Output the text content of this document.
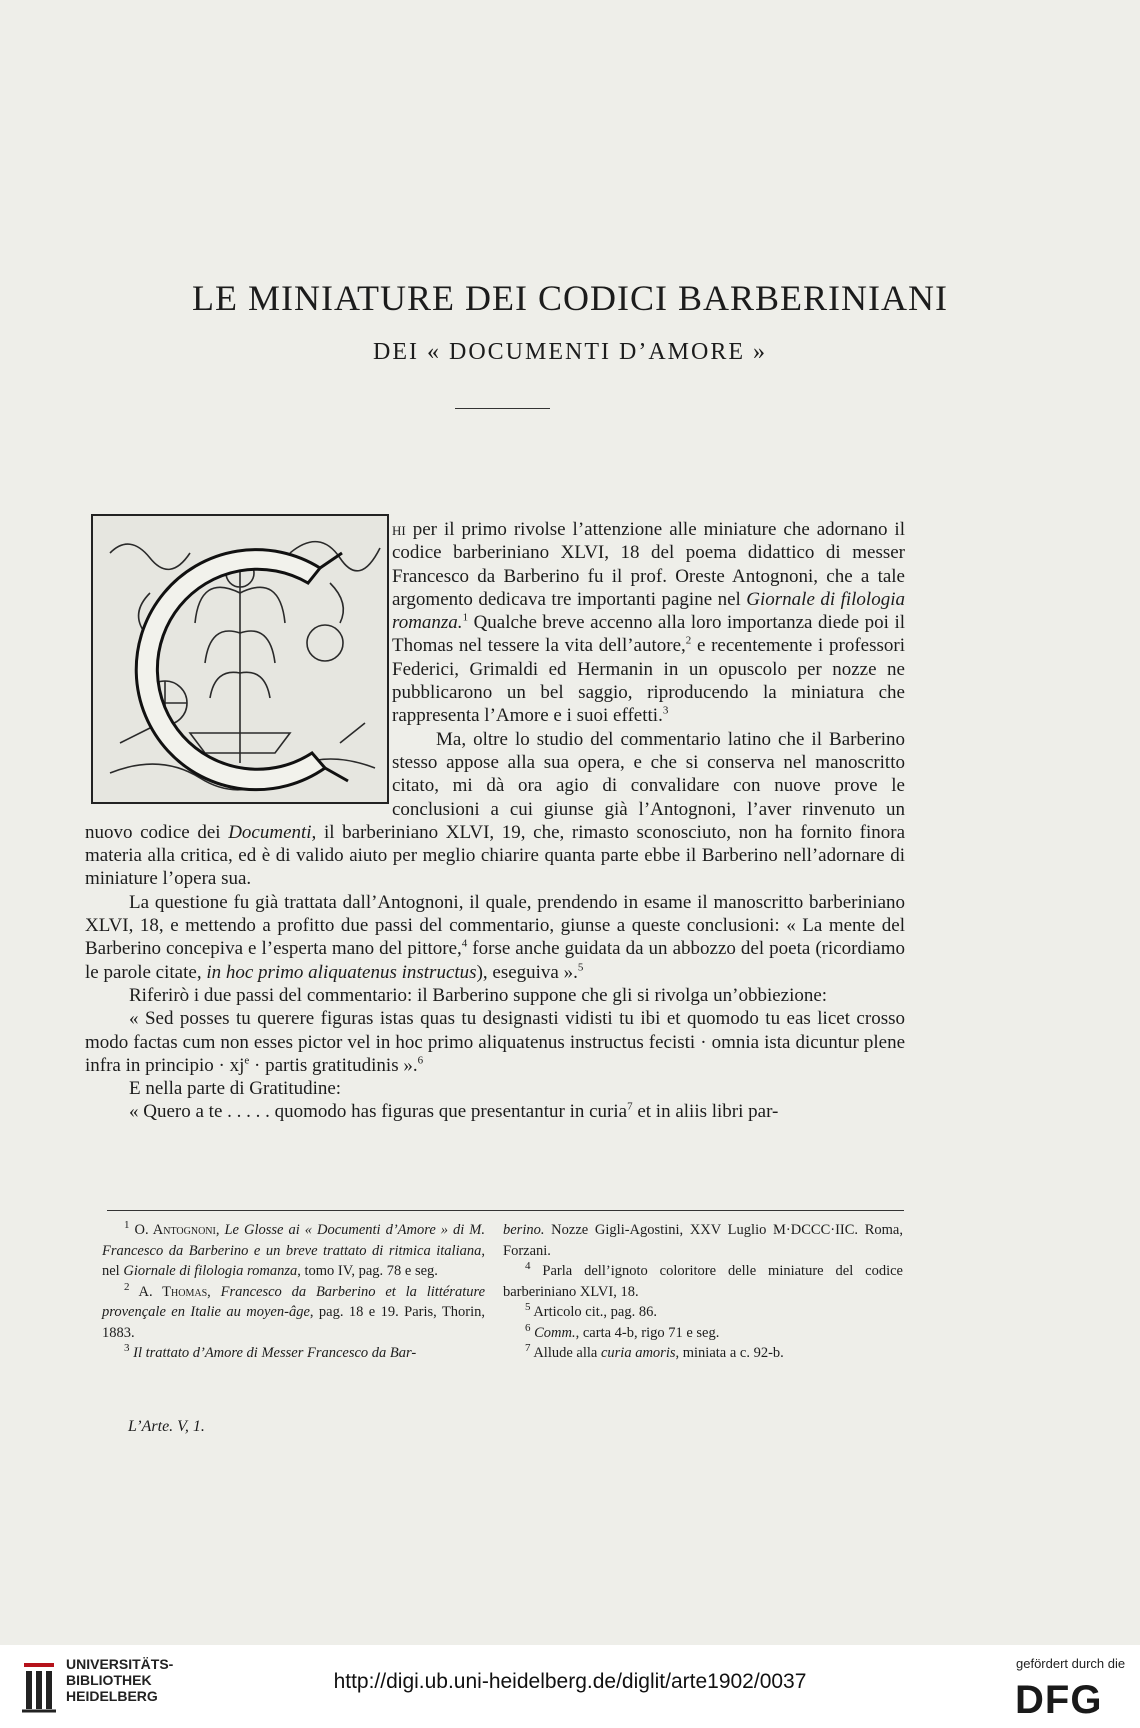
LE MINIATURE DEI CODICI BARBERINIANI
DEI « DOCUMENTI D’AMORE »

hi per il primo rivolse l’attenzione alle miniature che adornano il codice barberiniano XLVI, 18 del poema didattico di messer Francesco da Barberino fu il prof. Oreste Antognoni, che a tale argomento dedicava tre importanti pagine nel Giornale di filologia romanza.$^1$ Qualche breve accenno alla loro importanza diede poi il Thomas nel tessere la vita dell’autore,$^2$ e recentemente i professori Federici, Grimaldi ed Hermanin in un opuscolo per nozze ne pubblicarono un bel saggio, riproducendo la miniatura che rappresenta l’Amore e i suoi effetti.$^3$

Ma, oltre lo studio del commentario latino che il Barberino stesso appose alla sua opera, e che si conserva nel manoscritto citato, mi dà ora agio di convalidare con nuove prove le conclusioni a cui giunse già l’Antognoni, l’aver rinvenuto un nuovo codice dei Documenti, il barberiniano XLVI, 19, che, rimasto sconosciuto, non ha fornito finora materia alla critica, ed è di valido aiuto per meglio chiarire quanta parte ebbe il Barberino nell’adornare di miniature l’opera sua.

La questione fu già trattata dall’Antognoni, il quale, prendendo in esame il manoscritto barberiniano XLVI, 18, e mettendo a profitto due passi del commentario, giunse a queste conclusioni: « La mente del Barberino concepiva e l’esperta mano del pittore,$^4$ forse anche guidata da un abbozzo del poeta (ricordiamo le parole citate, in hoc primo aliquatenus instructus), eseguiva ».$^5$

Riferirò i due passi del commentario: il Barberino suppone che gli si rivolga un’obbiezione:

« Sed posses tu querere figuras istas quas tu designasti vidisti tu ibi et quomodo tu eas licet crosso modo factas cum non esses pictor vel in hoc primo aliquatenus instructus fecisti · omnia ista dicuntur plene infra in principio · $xj^e$ · partis gratitudinis ».$^6$

E nella parte di Gratitudine:

« Quero a te . . . . . quomodo has figuras que presentantur in curia$^7$ et in aliis libri par-

$^1$ O. Antognoni, Le Glosse ai « Documenti d’Amore » di M. Francesco da Barberino e un breve trattato di ritmica italiana, nel Giornale di filologia romanza, tomo IV, pag. 78 e seg.

$^2$ A. Thomas, Francesco da Barberino et la littérature provençale en Italie au moyen-âge, pag. 18 e 19. Paris, Thorin, 1883.

$^3$ Il trattato d’Amore di Messer Francesco da Bar-

berino. Nozze Gigli-Agostini, XXV Luglio M·DCCC·IIC. Roma, Forzani.

$^4$ Parla dell’ignoto coloritore delle miniature del codice barberiniano XLVI, 18.

$^5$ Articolo cit., pag. 86.

$^6$ Comm., carta 4-b, rigo 71 e seg.

$^7$ Allude alla curia amoris, miniata a c. 92-b.

L’Arte. V, 1.
UNIVERSITÄTS-
BIBLIOTHEK
HEIDELBERG
http://digi.ub.uni-heidelberg.de/diglit/arte1902/0037
gefördert durch die
DFG
